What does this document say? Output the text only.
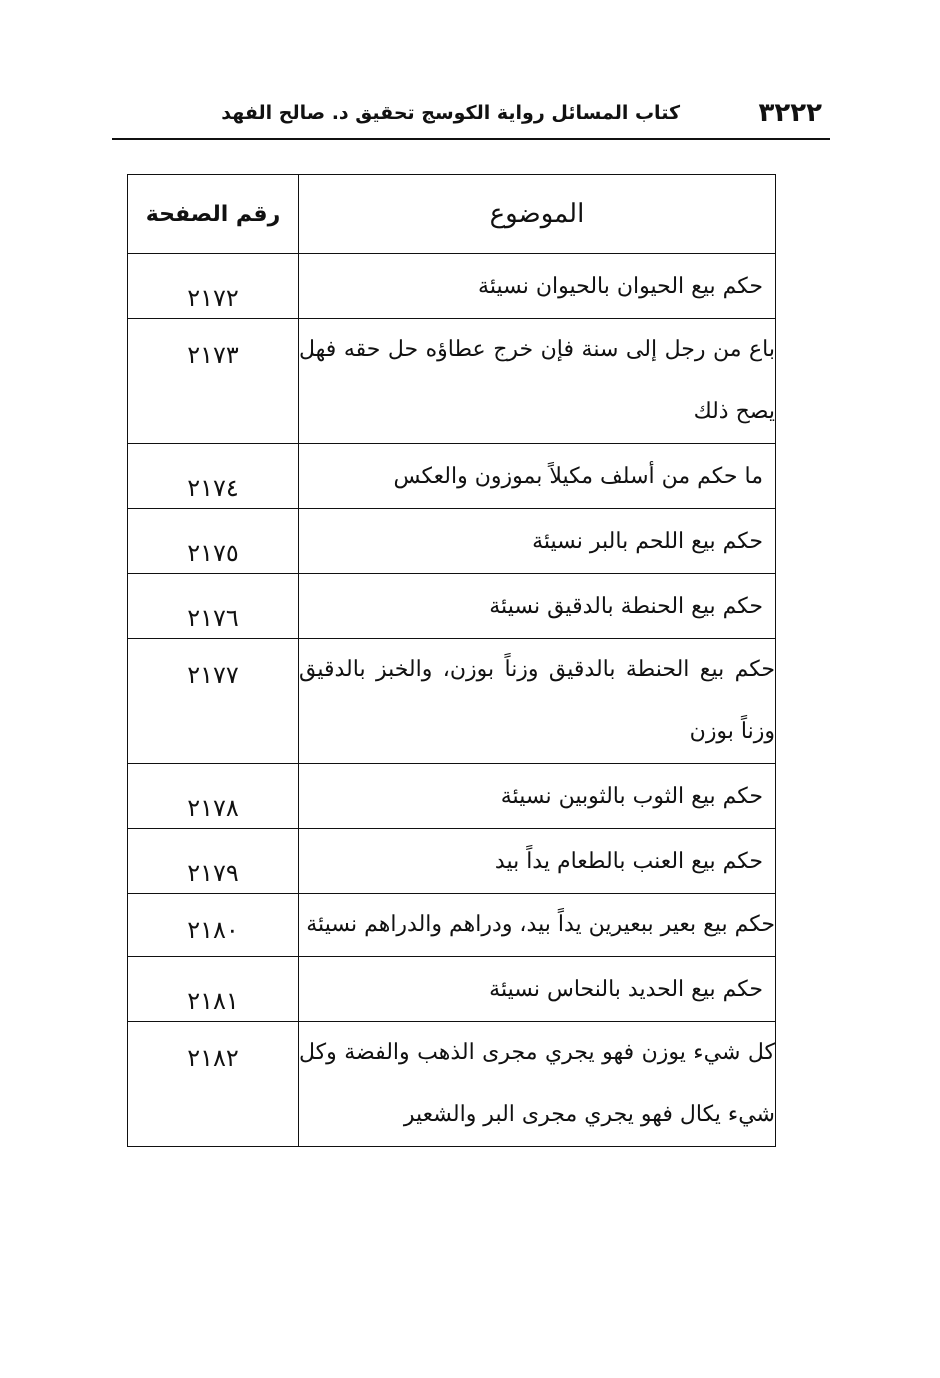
٣٢٢٢
كتاب المسائل رواية الكوسج تحقيق د. صالح الفهد
الموضوع	رقم الصفحة
حكم بيع الحيوان بالحيوان نسيئة	٢١٧٢
باع من رجل إلى سنة فإن خرج عطاؤه حل حقه فهل يصح ذلك	٢١٧٣
ما حكم من أسلف مكيلاً بموزون والعكس	٢١٧٤
حكم بيع اللحم بالبر نسيئة	٢١٧٥
حكم بيع الحنطة بالدقيق نسيئة	٢١٧٦
حكم بيع الحنطة بالدقيق وزناً بوزن، والخبز بالدقيق وزناً بوزن	٢١٧٧
حكم بيع الثوب بالثوبين نسيئة	٢١٧٨
حكم بيع العنب بالطعام يداً بيد	٢١٧٩
حكم بيع بعير ببعيرين يداً بيد، ودراهم والدراهم نسيئة	٢١٨٠
حكم بيع الحديد بالنحاس نسيئة	٢١٨١
كل شيء يوزن فهو يجري مجرى الذهب والفضة وكل شيء يكال فهو يجري مجرى البر والشعير	٢١٨٢
